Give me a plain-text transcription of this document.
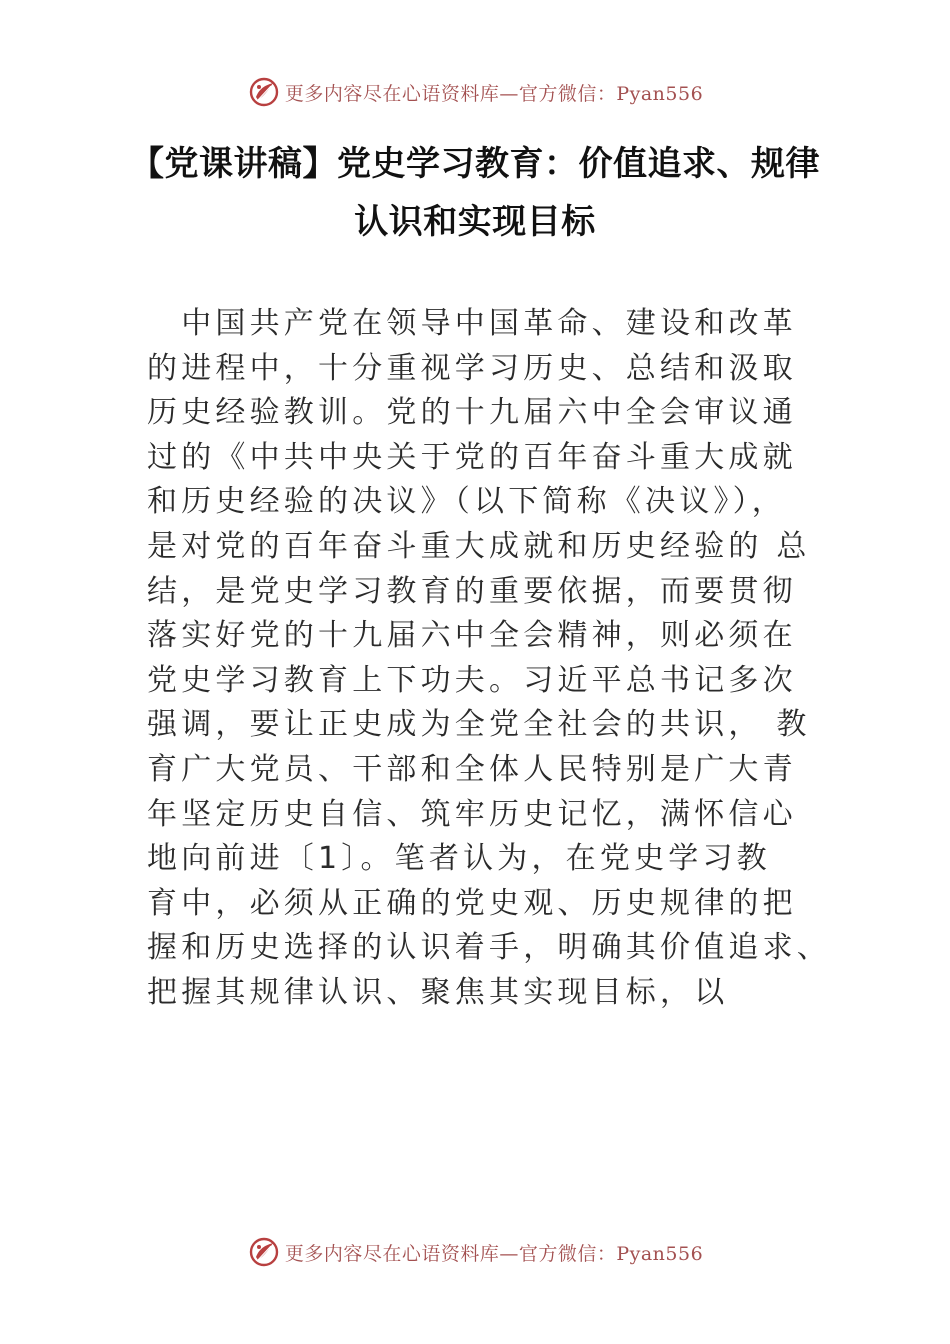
更多内容尽在心语资料库—官方微信：Pyan556
【党课讲稿】党史学习教育：价值追求、规律
认识和实现目标
　中国共产党在领导中国革命、建设和改革
的进程中，十分重视学习历史、总结和汲取
历史经验教训。党的十九届六中全会审议通
过的《中共中央关于党的百年奋斗重大成就
和历史经验的决议》（以下简称《决议》），
是对党的百年奋斗重大成就和历史经验的 总
结，是党史学习教育的重要依据，而要贯彻
落实好党的十九届六中全会精神，则必须在
党史学习教育上下功夫。习近平总书记多次
强调，要让正史成为全党全社会的共识， 教
育广大党员、干部和全体人民特别是广大青
年坚定历史自信、筑牢历史记忆，满怀信心
地向前进〔1〕。笔者认为，在党史学习教
育中，必须从正确的党史观、历史规律的把
握和历史选择的认识着手，明确其价值追求、
把握其规律认识、聚焦其实现目标，以
更多内容尽在心语资料库—官方微信：Pyan556
